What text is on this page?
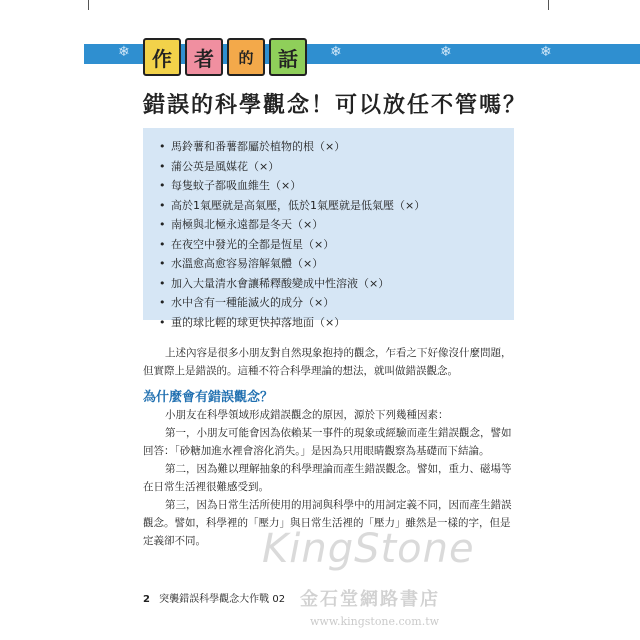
❄	❄	❄	❄
作	者	的	話
錯誤的科學觀念！可以放任不管嗎？
• 馬鈴薯和番薯都屬於植物的根（×）
• 蒲公英是風媒花（×）
• 每隻蚊子都吸血維生（×）
• 高於1氣壓就是高氣壓，低於1氣壓就是低氣壓（×）
• 南極與北極永遠都是冬天（×）
• 在夜空中發光的全都是恆星（×）
• 水溫愈高愈容易溶解氣體（×）
• 加入大量清水會讓稀釋酸變成中性溶液（×）
• 水中含有一種能滅火的成分（×）
• 重的球比輕的球更快掉落地面（×）

上述內容是很多小朋友對自然現象抱持的觀念，乍看之下好像沒什麼問題，但實際上是錯誤的。這種不符合科學理論的想法，就叫做錯誤觀念。

為什麼會有錯誤觀念？

小朋友在科學領域形成錯誤觀念的原因，源於下列幾種因素：

第一，小朋友可能會因為依賴某一事件的現象或經驗而產生錯誤觀念，譬如回答：「砂糖加進水裡會溶化消失。」是因為只用眼睛觀察為基礎而下結論。

第二，因為難以理解抽象的科學理論而產生錯誤觀念。譬如，重力、磁場等在日常生活裡很難感受到。

第三，因為日常生活所使用的用詞與科學中的用詞定義不同，因而產生錯誤觀念。譬如，科學裡的「壓力」與日常生活裡的「壓力」雖然是一樣的字，但是定義卻不同。

2 突襲錯誤科學觀念大作戰 02
KingStone
金石堂網路書店
www.kingstone.com.tw
